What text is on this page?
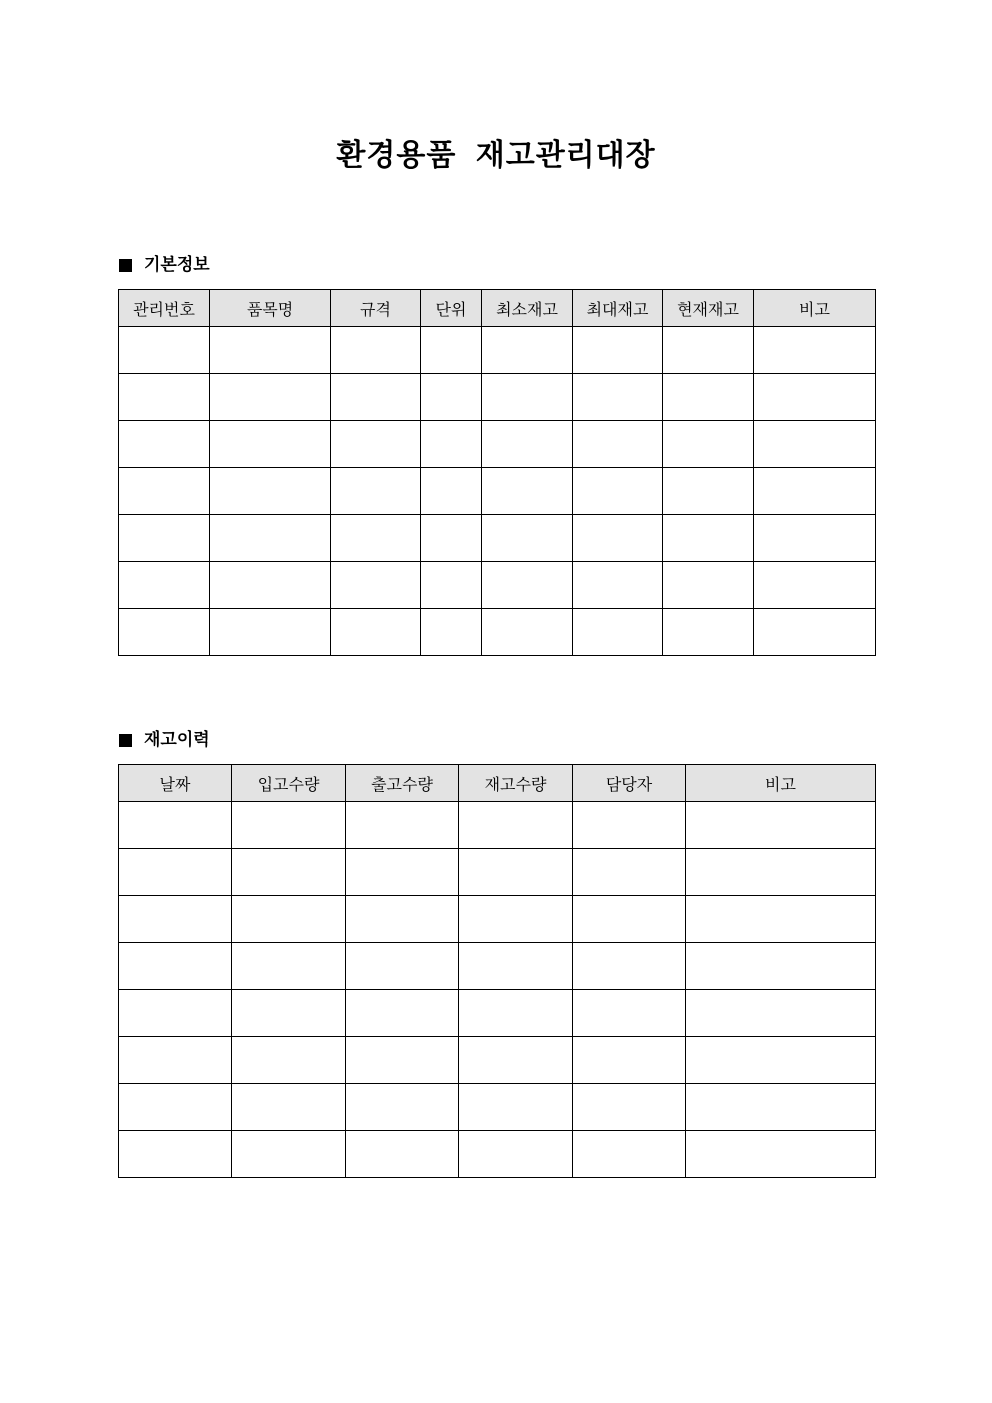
환경용품 재고관리대장
기본정보
관리번호	품목명	규격	단위	최소재고	최대재고	현재재고	비고

재고이력
날짜	입고수량	출고수량	재고수량	담당자	비고
